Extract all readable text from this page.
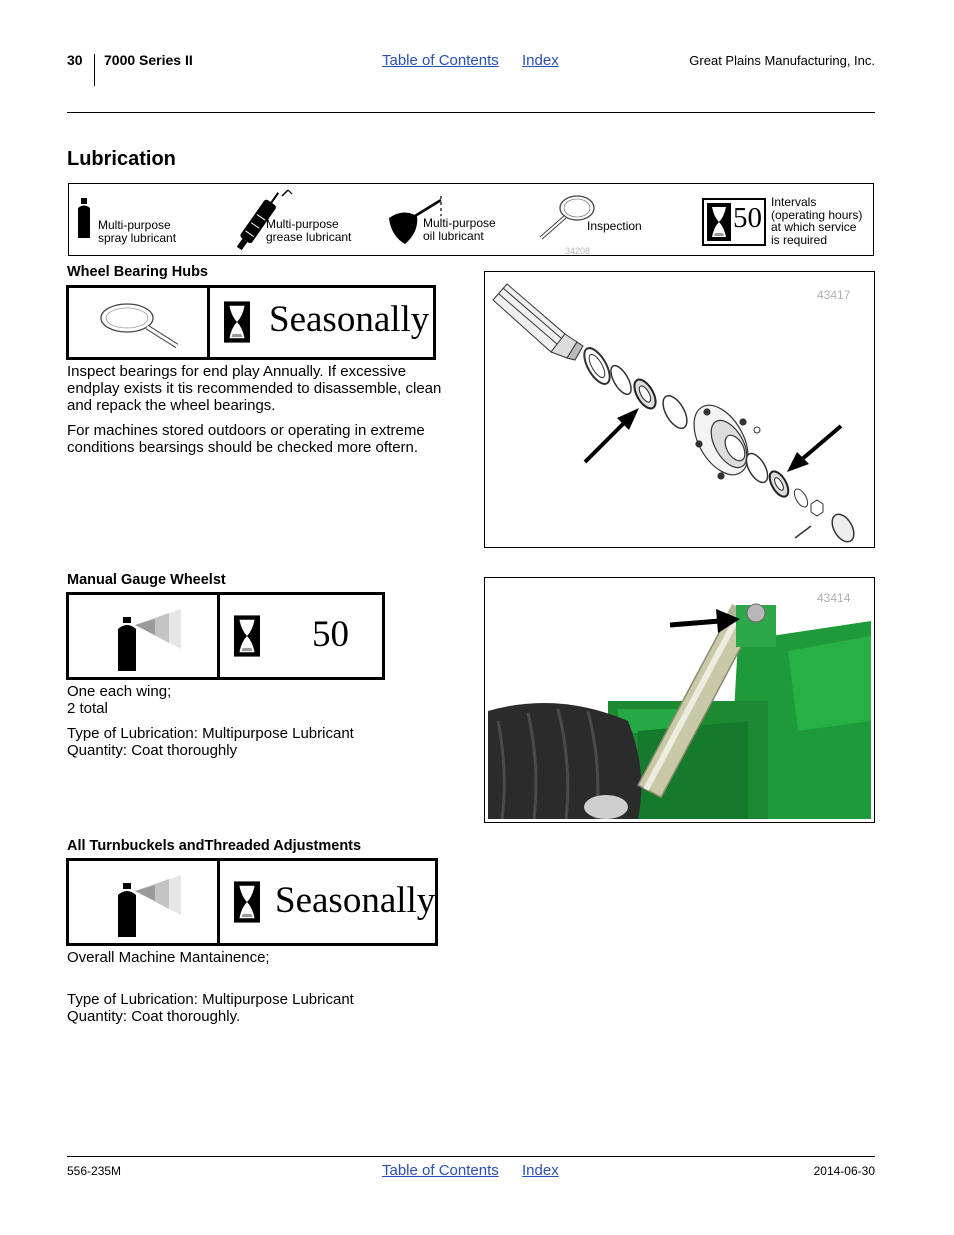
30 7000 Series II	Table of Contents Index	Great Plains Manufacturing, Inc.
Lubrication
Multi-purpose
spray lubricant
Multi-purpose
grease lubricant
Multi-purpose
oil lubricant
Inspection
34208
50 Intervals
(operating hours)
at which service
is required
Wheel Bearing Hubs
Seasonally

Inspect bearings for end play Annually. If excessive endplay exists it tis recommended to disassemble, clean and repack the wheel bearings.

For machines stored outdoors or operating in extreme conditions bearsings should be checked more oftern.

43417
Manual Gauge Wheelst
50

One each wing;

2 total

Type of Lubrication: Multipurpose Lubricant

Quantity: Coat thoroughly

43414
All Turnbuckels andThreaded Adjustments
Seasonally

Overall Machine Mantainence;

Type of Lubrication: Multipurpose Lubricant

Quantity: Coat thoroughly.

556-235M	Table of Contents Index	2014-06-30
